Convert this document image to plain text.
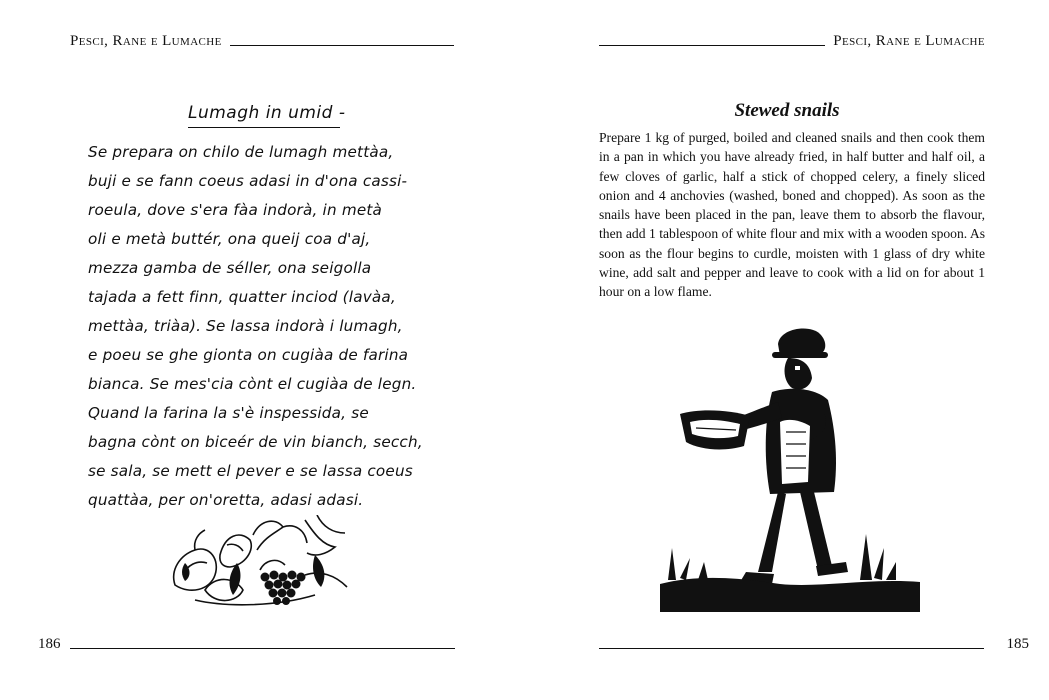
Pesci, Rane e Lumache
Lumagh in umid -
Se prepara on chilo de lumagh mettàa,
buji e se fann coeus adasi in d'ona cassi-
roeula, dove s'era fàa indorà, in metà
oli e metà buttér, ona queij coa d'aj,
mezza gamba de séller, ona seigolla
tajada a fett finn, quatter inciod (lavàa,
mettàa, triàa). Se lassa indorà i lumagh,
e poeu se ghe gionta on cugiàa de farina
bianca. Se mes'cia cònt el cugiàa de legn.
Quand la farina la s'è inspessida, se
bagna cònt on biceér de vin bianch, secch,
se sala, se mett el pever e se lassa coeus
quattàa, per on'oretta, adasi adasi.
186
Pesci, Rane e Lumache
Stewed snails

Prepare 1 kg of purged, boiled and cleaned snails and then cook them in a pan in which you have already fried, in half butter and half oil, a few cloves of garlic, half a stick of chopped celery, a finely sliced onion and 4 anchovies (washed, boned and chopped). As soon as the snails have been placed in the pan, leave them to absorb the flavour, then add 1 tablespoon of white flour and mix with a wooden spoon. As soon as the flour begins to curdle, moisten with 1 glass of dry white wine, add salt and pepper and leave to cook with a lid on for about 1 hour on a low flame.

185
